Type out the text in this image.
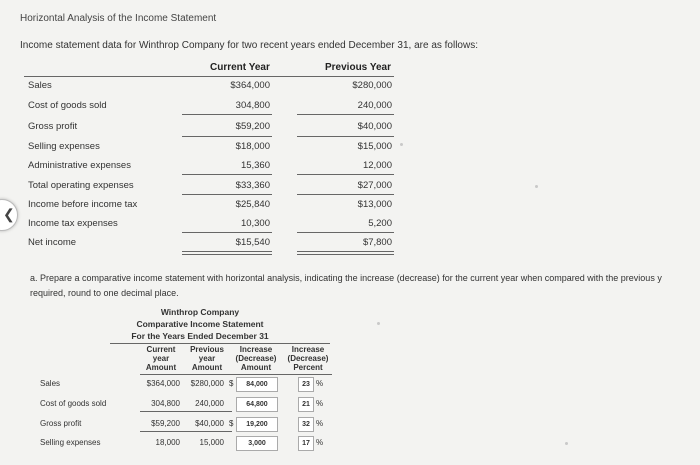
Horizontal Analysis of the Income Statement
Income statement data for Winthrop Company for two recent years ended December 31, are as follows:
Current Year	Previous Year
Sales	$364,000	$280,000
Cost of goods sold	304,800	240,000
Gross profit	$59,200	$40,000
Selling expenses	$18,000	$15,000
Administrative expenses	15,360	12,000
Total operating expenses	$33,360	$27,000
Income before income tax	$25,840	$13,000
Income tax expenses	10,300	5,200
Net income	$15,540	$7,800
❮
a. Prepare a comparative income statement with horizontal analysis, indicating the increase (decrease) for the current year when compared with the previous y
required, round to one decimal place.
Winthrop Company
Comparative Income Statement
For the Years Ended December 31
Current
year
Amount
Previous
year
Amount
Increase
(Decrease)
Amount
Increase
(Decrease)
Percent
Sales	$364,000	$280,000 $	84,000	23 %
Cost of goods sold	304,800	240,000	64,800	21 %
Gross profit	$59,200	$40,000 $	19,200	32 %
Selling expenses	18,000	15,000	3,000	17 %
